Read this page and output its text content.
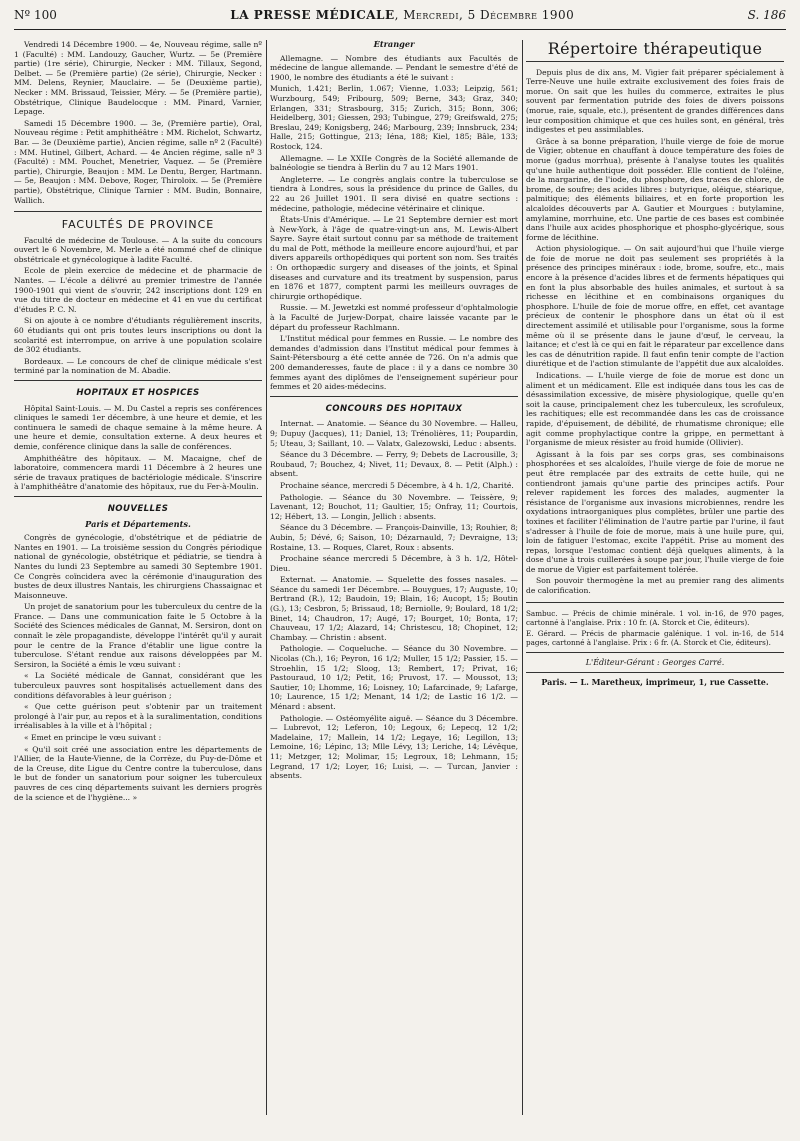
Nº 100	LA PRESSE MÉDICALE, Mercredi, 5 Décembre 1900	S. 186

Vendredi 14 Décembre 1900. — 4e, Nouveau régime, salle nº 1 (Faculté) : MM. Landouzy, Gaucher, Wurtz. — 5e (Première partie) (1re série), Chirurgie, Necker : MM. Tillaux, Segond, Delbet. — 5e (Première partie) (2e série), Chirurgie, Necker : MM. Delens, Reynier, Mauclaire. — 5e (Deuxième partie), Necker : MM. Brissaud, Teissier, Méry. — 5e (Première partie), Obstétrique, Clinique Baudelocque : MM. Pinard, Varnier, Lepage.

Samedi 15 Décembre 1900. — 3e, (Première partie), Oral, Nouveau régime : Petit amphithéâtre : MM. Richelot, Schwartz, Bar. — 3e (Deuxième partie), Ancien régime, salle nº 2 (Faculté) : MM. Hutinel, Gilbert, Achard. — 4e Ancien régime, salle nº 3 (Faculté) : MM. Pouchet, Menetrier, Vaquez. — 5e (Première partie), Chirurgie, Beaujon : MM. Le Dentu, Berger, Hartmann. — 5e, Beaujon : MM. Debove, Roger, Thiroloix. — 5e (Première partie), Obstétrique, Clinique Tarnier : MM. Budin, Bonnaire, Wallich.

FACULTÉS DE PROVINCE

Faculté de médecine de Toulouse. — A la suite du concours ouvert le 6 Novembre, M. Merle a été nommé chef de clinique obstétricale et gynécologique à ladite Faculté.

Ecole de plein exercice de médecine et de pharmacie de Nantes. — L'école a délivré au premier trimestre de l'année 1900-1901 qui vient de s'ouvrir, 242 inscriptions dont 129 en vue du titre de docteur en médecine et 41 en vue du certificat d'études P. C. N.

Si on ajoute à ce nombre d'étudiants régulièrement inscrits, 60 étudiants qui ont pris toutes leurs inscriptions ou dont la scolarité est interrompue, on arrive à une population scolaire de 302 étudiants.

Bordeaux. — Le concours de chef de clinique médicale s'est terminé par la nomination de M. Abadie.

HOPITAUX ET HOSPICES

Hôpital Saint-Louis. — M. Du Castel a repris ses conférences cliniques le samedi 1er décembre, à une heure et demie, et les continuera le samedi de chaque semaine à la même heure. A une heure et demie, consultation externe. A deux heures et demie, conférence clinique dans la salle de conférences.

Amphithéâtre des hôpitaux. — M. Macaigne, chef de laboratoire, commencera mardi 11 Décembre à 2 heures une série de travaux pratiques de bactériologie médicale. S'inscrire à l'amphithéâtre d'anatomie des hôpitaux, rue du Fer-à-Moulin.

NOUVELLES
Paris et Départements.

Congrès de gynécologie, d'obstétrique et de pédiatrie de Nantes en 1901. — La troisième session du Congrès périodique national de gynécologie, obstétrique et pédiatrie, se tiendra à Nantes du lundi 23 Septembre au samedi 30 Septembre 1901. Ce Congrès coïncidera avec la cérémonie d'inauguration des bustes de deux illustres Nantais, les chirurgiens Chassaignac et Maisonneuve.

Un projet de sanatorium pour les tuberculeux du centre de la France. — Dans une communication faite le 5 Octobre à la Société des Sciences médicales de Gannat, M. Sersiron, dont on connaît le zèle propagandiste, développe l'intérêt qu'il y aurait pour le centre de la France d'établir une ligue contre la tuberculose. S'étant rendue aux raisons développées par M. Sersiron, la Société a émis le vœu suivant :

« La Société médicale de Gannat, considérant que les tuberculeux pauvres sont hospitalisés actuellement dans des conditions défavorables à leur guérison ;

« Que cette guérison peut s'obtenir par un traitement prolongé à l'air pur, au repos et à la suralimentation, conditions irréalisables à la ville et à l'hôpital ;

« Emet en principe le vœu suivant :

« Qu'il soit créé une association entre les départements de l'Allier, de la Haute-Vienne, de la Corrèze, du Puy-de-Dôme et de la Creuse, dite Ligue du Centre contre la tuberculose, dans le but de fonder un sanatorium pour soigner les tuberculeux pauvres de ces cinq départements suivant les derniers progrès de la science et de l'hygiène... »

Étranger

Allemagne. — Nombre des étudiants aux Facultés de médecine de langue allemande. — Pendant le semestre d'été de 1900, le nombre des étudiants a été le suivant :

Munich, 1.421; Berlin, 1.067; Vienne, 1.033; Leipzig, 561; Wurzbourg, 549; Fribourg, 509; Berne, 343; Graz, 340; Erlangen, 331; Strasbourg, 315; Zurich, 315; Bonn, 306; Heidelberg, 301; Giessen, 293; Tubingue, 279; Greifswald, 275; Breslau, 249; Konigsberg, 246; Marbourg, 239; Innsbruck, 234; Halle, 215; Gottingue, 213; Iéna, 188; Kiel, 185; Bâle, 133; Rostock, 124.

Allemagne. — Le XXIIe Congrès de la Société allemande de balnéologie se tiendra à Berlin du 7 au 12 Mars 1901.

Angleterre. — Le congrès anglais contre la tuberculose se tiendra à Londres, sous la présidence du prince de Galles, du 22 au 26 Juillet 1901. Il sera divisé en quatre sections : médecine, pathologie, médecine vétérinaire et clinique.

États-Unis d'Amérique. — Le 21 Septembre dernier est mort à New-York, à l'âge de quatre-vingt-un ans, M. Lewis-Albert Sayre. Sayre était surtout connu par sa méthode de traitement du mal de Pott, méthode la meilleure encore aujourd'hui, et par divers appareils orthopédiques qui portent son nom. Ses traités : On orthopædic surgery and diseases of the joints, et Spinal diseases and curvature and its treatment by suspension, parus en 1876 et 1877, comptent parmi les meilleurs ouvrages de chirurgie orthopédique.

Russie. — M. Jewetzki est nommé professeur d'ophtalmologie à la Faculté de Jurjew-Dorpat, chaire laissée vacante par le départ du professeur Rachlmann.

L'Institut médical pour femmes en Russie. — Le nombre des demandes d'admission dans l'Institut médical pour femmes à Saint-Pétersbourg a été cette année de 726. On n'a admis que 200 demanderesses, faute de place : il y a dans ce nombre 30 femmes ayant des diplômes de l'enseignement supérieur pour femmes et 20 aides-médecins.

CONCOURS DES HOPITAUX

Internat. — Anatomie. — Séance du 30 Novembre. — Halleu, 9; Dupuy (Jacques), 11; Daniel, 13; Trénolières, 11; Poupardin, 5; Uteau, 3; Saillant, 10. — Valatx, Galezowski, Leduc : absents.

Séance du 3 Décembre. — Ferry, 9; Debets de Lacrousille, 3; Roubaud, 7; Bouchez, 4; Nivet, 11; Devaux, 8. — Petit (Alph.) : absent.

Prochaine séance, mercredi 5 Décembre, à 4 h. 1/2, Charité.

Pathologie. — Séance du 30 Novembre. — Teissère, 9; Lavenant, 12; Bouchot, 11; Gaultier, 15; Onfray, 11; Courtois, 12; Hébert, 13. — Longin, Jellich : absents.

Séance du 3 Décembre. — François-Dainville, 13; Rouhier, 8; Aubin, 5; Dévé, 6; Saison, 10; Dézarnauld, 7; Devraigne, 13; Rostaine, 13. — Roques, Claret, Roux : absents.

Prochaine séance mercredi 5 Décembre, à 3 h. 1/2, Hôtel-Dieu.

Externat. — Anatomie. — Squelette des fosses nasales. — Séance du samedi 1er Décembre. — Bouygues, 17; Auguste, 10; Bertrand (R.), 12; Baudoin, 19; Blain, 16; Aucopt, 15; Boutin (G.), 13; Cesbron, 5; Brissaud, 18; Berniolle, 9; Boulard, 18 1/2; Binet, 14; Chaudron, 17; Augé, 17; Bourget, 10; Bonta, 17; Chauveau, 17 1/2; Alazard, 14; Christescu, 18; Chopinet, 12; Chambay. — Christin : absent.

Pathologie. — Coqueluche. — Séance du 30 Novembre. — Nicolas (Ch.), 16; Peyron, 16 1/2; Muller, 15 1/2; Passier, 15. — Stroehlin, 15 1/2; Sloog, 13; Rembert, 17; Privat, 16; Pastouraud, 10 1/2; Petit, 16; Pruvost, 17. — Moussot, 13; Sautier, 10; Lhomme, 16; Loisney, 10; Lafarcinade, 9; Lafarge, 10; Laurence, 15 1/2; Menant, 14 1/2; de Lastic 16 1/2. — Ménard : absent.

Pathologie. — Ostéomyélite aiguë. — Séance du 3 Décembre. — Lubrevot, 12; Leferon, 10; Legoux, 6; Lepecq, 12 1/2; Madelaine, 17; Mallein, 14 1/2; Legaye, 16; Legillon, 13; Lemoine, 16; Lépinc, 13; Mlle Lévy, 13; Leriche, 14; Lévêque, 11; Metzger, 12; Molimar, 15; Legroux, 18; Lehmann, 15; Legrand, 17 1/2; Loyer, 16; Luisi, —. — Turcan, Janvier : absents.

Répertoire thérapeutique

Depuis plus de dix ans, M. Vigier fait préparer spécialement à Terre-Neuve une huile extraite exclusivement des foies frais de morue. On sait que les huiles du commerce, extraites le plus souvent par fermentation putride des foies de divers poissons (morue, raie, squale, etc.), présentent de grandes différences dans leur composition chimique et que ces huiles sont, en général, très indigestes et peu assimilables.

Grâce à sa bonne préparation, l'huile vierge de foie de morue de Vigier, obtenue en chauffant à douce température des foies de morue (gadus morrhua), présente à l'analyse toutes les qualités qu'une huile authentique doit posséder. Elle contient de l'oléine, de la margarine, de l'iode, du phosphore, des traces de chlore, de brome, de soufre; des acides libres : butyrique, oléique, stéarique, palmitique; des éléments biliaires, et en forte proportion les alcaloïdes découverts par A. Gautier et Mourgues : butylamine, amylamine, morrhuine, etc. Une partie de ces bases est combinée dans l'huile aux acides phosphorique et phospho-glycérique, sous forme de lécithine.

Action physiologique. — On sait aujourd'hui que l'huile vierge de foie de morue ne doit pas seulement ses propriétés à la présence des principes minéraux : iode, brome, soufre, etc., mais encore à la présence d'acides libres et de ferments hépatiques qui en font la plus absorbable des huiles animales, et surtout à sa richesse en lécithine et en combinaisons organiques du phosphore. L'huile de foie de morue offre, en effet, cet avantage précieux de contenir le phosphore dans un état où il est directement assimilé et utilisable pour l'organisme, sous la forme même où il se présente dans le jaune d'œuf, le cerveau, la laitance; et c'est là ce qui en fait le réparateur par excellence dans les cas de dénutrition rapide. Il faut enfin tenir compte de l'action diurétique et de l'action stimulante de l'appétit due aux alcaloïdes.

Indications. — L'huile vierge de foie de morue est donc un aliment et un médicament. Elle est indiquée dans tous les cas de désassimilation excessive, de misère physiologique, quelle qu'en soit la cause, principalement chez les tuberculeux, les scrofuleux, les rachitiques; elle est recommandée dans les cas de croissance rapide, d'épuisement, de débilité, de rhumatisme chronique; elle agit comme prophylactique contre la grippe, en permettant à l'organisme de mieux résister au froid humide (Ollivier).

Agissant à la fois par ses corps gras, ses combinaisons phosphorées et ses alcaloïdes, l'huile vierge de foie de morue ne peut être remplacée par des extraits de cette huile, qui ne contiendront jamais qu'une partie des principes actifs. Pour relever rapidement les forces des malades, augmenter la résistance de l'organisme aux invasions microbiennes, rendre les oxydations intraorganiques plus complètes, brûler une partie des toxines et faciliter l'élimination de l'autre partie par l'urine, il faut s'adresser à l'huile de foie de morue, mais à une huile pure, qui, loin de fatiguer l'estomac, excite l'appétit. Prise au moment des repas, lorsque l'estomac contient déjà quelques aliments, à la dose d'une à trois cuillerées à soupe par jour, l'huile vierge de foie de morue de Vigier est parfaitement tolérée.

Son pouvoir thermogène la met au premier rang des aliments de calorification.

Sambuc. — Précis de chimie minérale. 1 vol. in-16, de 970 pages, cartonné à l'anglaise. Prix : 10 fr. (A. Storck et Cie, éditeurs).

E. Gérard. — Précis de pharmacie galénique. 1 vol. in-16, de 514 pages, cartonné à l'anglaise. Prix : 6 fr. (A. Storck et Cie, éditeurs).

L'Éditeur-Gérant : Georges Carré.
Paris. — L. Maretheux, imprimeur, 1, rue Cassette.
